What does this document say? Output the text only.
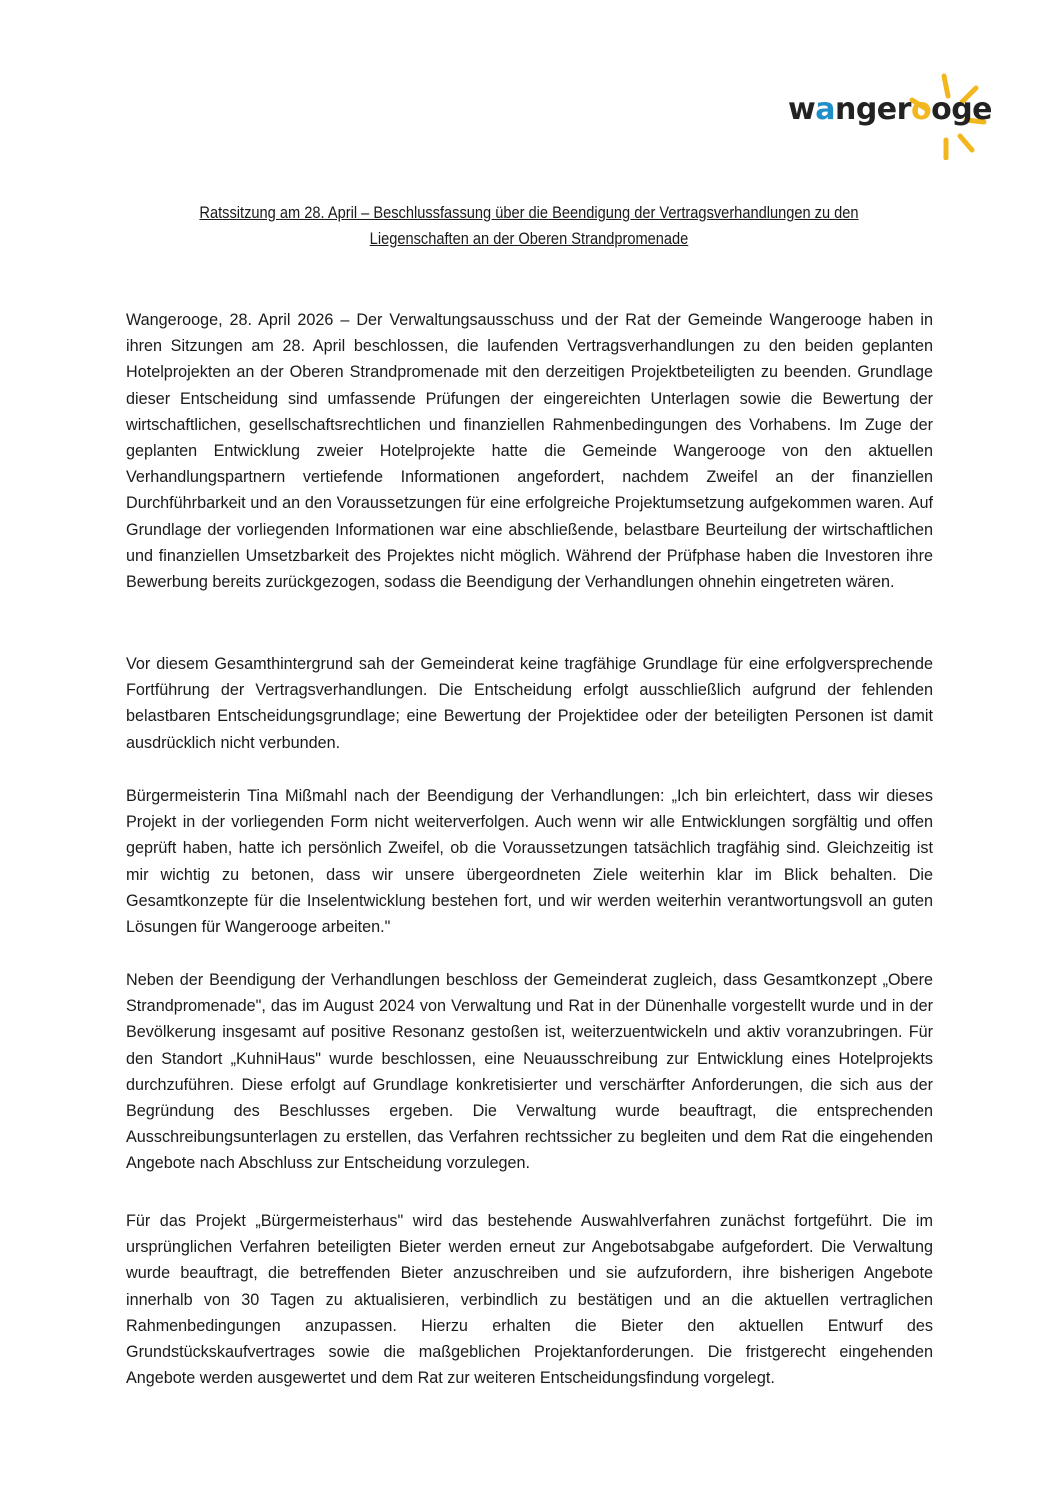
wangerooge
Ratssitzung am 28. April – Beschlussfassung über die Beendigung der Vertragsverhandlungen zu den Liegenschaften an der Oberen Strandpromenade

Wangerooge, 28. April 2026 – Der Verwaltungsausschuss und der Rat der Gemeinde Wangerooge haben in ihren Sitzungen am 28. April beschlossen, die laufenden Vertragsverhandlungen zu den beiden geplanten Hotelprojekten an der Oberen Strandpromenade mit den derzeitigen Projektbeteiligten zu beenden. Grundlage dieser Entscheidung sind umfassende Prüfungen der eingereichten Unterlagen sowie die Bewertung der wirtschaftlichen, gesellschaftsrechtlichen und finanziellen Rahmenbedingungen des Vorhabens. Im Zuge der geplanten Entwicklung zweier Hotelprojekte hatte die Gemeinde Wangerooge von den aktuellen Verhandlungspartnern vertiefende Informationen angefordert, nachdem Zweifel an der finanziellen Durchführbarkeit und an den Voraussetzungen für eine erfolgreiche Projektumsetzung aufgekommen waren. Auf Grundlage der vorliegenden Informationen war eine abschließende, belastbare Beurteilung der wirtschaftlichen und finanziellen Umsetzbarkeit des Projektes nicht möglich. Während der Prüfphase haben die Investoren ihre Bewerbung bereits zurückgezogen, sodass die Beendigung der Verhandlungen ohnehin eingetreten wären.

Vor diesem Gesamthintergrund sah der Gemeinderat keine tragfähige Grundlage für eine erfolgversprechende Fortführung der Vertragsverhandlungen. Die Entscheidung erfolgt ausschließlich aufgrund der fehlenden belastbaren Entscheidungsgrundlage; eine Bewertung der Projektidee oder der beteiligten Personen ist damit ausdrücklich nicht verbunden.

Bürgermeisterin Tina Mißmahl nach der Beendigung der Verhandlungen: „Ich bin erleichtert, dass wir dieses Projekt in der vorliegenden Form nicht weiterverfolgen. Auch wenn wir alle Entwicklungen sorgfältig und offen geprüft haben, hatte ich persönlich Zweifel, ob die Voraussetzungen tatsächlich tragfähig sind. Gleichzeitig ist mir wichtig zu betonen, dass wir unsere übergeordneten Ziele weiterhin klar im Blick behalten. Die Gesamtkonzepte für die Inselentwicklung bestehen fort, und wir werden weiterhin verantwortungsvoll an guten Lösungen für Wangerooge arbeiten."

Neben der Beendigung der Verhandlungen beschloss der Gemeinderat zugleich, dass Gesamtkonzept „Obere Strandpromenade", das im August 2024 von Verwaltung und Rat in der Dünenhalle vorgestellt wurde und in der Bevölkerung insgesamt auf positive Resonanz gestoßen ist, weiterzuentwickeln und aktiv voranzubringen. Für den Standort „KuhniHaus" wurde beschlossen, eine Neuausschreibung zur Entwicklung eines Hotelprojekts durchzuführen. Diese erfolgt auf Grundlage konkretisierter und verschärfter Anforderungen, die sich aus der Begründung des Beschlusses ergeben. Die Verwaltung wurde beauftragt, die entsprechenden Ausschreibungsunterlagen zu erstellen, das Verfahren rechtssicher zu begleiten und dem Rat die eingehenden Angebote nach Abschluss zur Entscheidung vorzulegen.

Für das Projekt „Bürgermeisterhaus" wird das bestehende Auswahlverfahren zunächst fortgeführt. Die im ursprünglichen Verfahren beteiligten Bieter werden erneut zur Angebotsabgabe aufgefordert. Die Verwaltung wurde beauftragt, die betreffenden Bieter anzuschreiben und sie aufzufordern, ihre bisherigen Angebote innerhalb von 30 Tagen zu aktualisieren, verbindlich zu bestätigen und an die aktuellen vertraglichen Rahmenbedingungen anzupassen. Hierzu erhalten die Bieter den aktuellen Entwurf des Grundstückskaufvertrages sowie die maßgeblichen Projektanforderungen. Die fristgerecht eingehenden Angebote werden ausgewertet und dem Rat zur weiteren Entscheidungsfindung vorgelegt.
